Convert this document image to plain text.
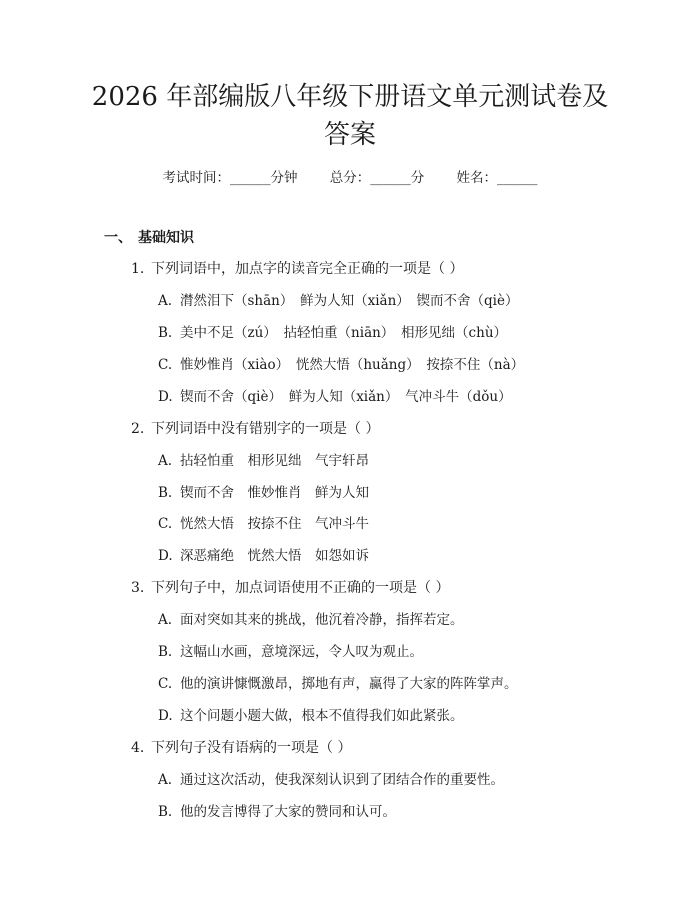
2026 年部编版八年级下册语文单元测试卷及
答案
考试时间：______分钟 总分：______分 姓名：______
一、 基础知识
1. 下列词语中，加点字的读音完全正确的一项是（ ）
A. 潸然泪下（shān）　鲜为人知（xiǎn）　锲而不舍（qiè）
B. 美中不足（zú）　拈轻怕重（niān）　相形见绌（chù）
C. 惟妙惟肖（xiào）　恍然大悟（huǎng）　按捺不住（nà）
D. 锲而不舍（qiè）　鲜为人知（xiǎn）　气冲斗牛（dǒu）
2. 下列词语中没有错别字的一项是（ ）
A. 拈轻怕重　相形见绌　气宇轩昂
B. 锲而不舍　惟妙惟肖　鲜为人知
C. 恍然大悟　按捺不住　气冲斗牛
D. 深恶痛绝　恍然大悟　如怨如诉
3. 下列句子中，加点词语使用不正确的一项是（ ）
A. 面对突如其来的挑战，他沉着冷静，指挥若定。
B. 这幅山水画，意境深远，令人叹为观止。
C. 他的演讲慷慨激昂，掷地有声，赢得了大家的阵阵掌声。
D. 这个问题小题大做，根本不值得我们如此紧张。
4. 下列句子没有语病的一项是（ ）
A. 通过这次活动，使我深刻认识到了团结合作的重要性。
B. 他的发言博得了大家的赞同和认可。
